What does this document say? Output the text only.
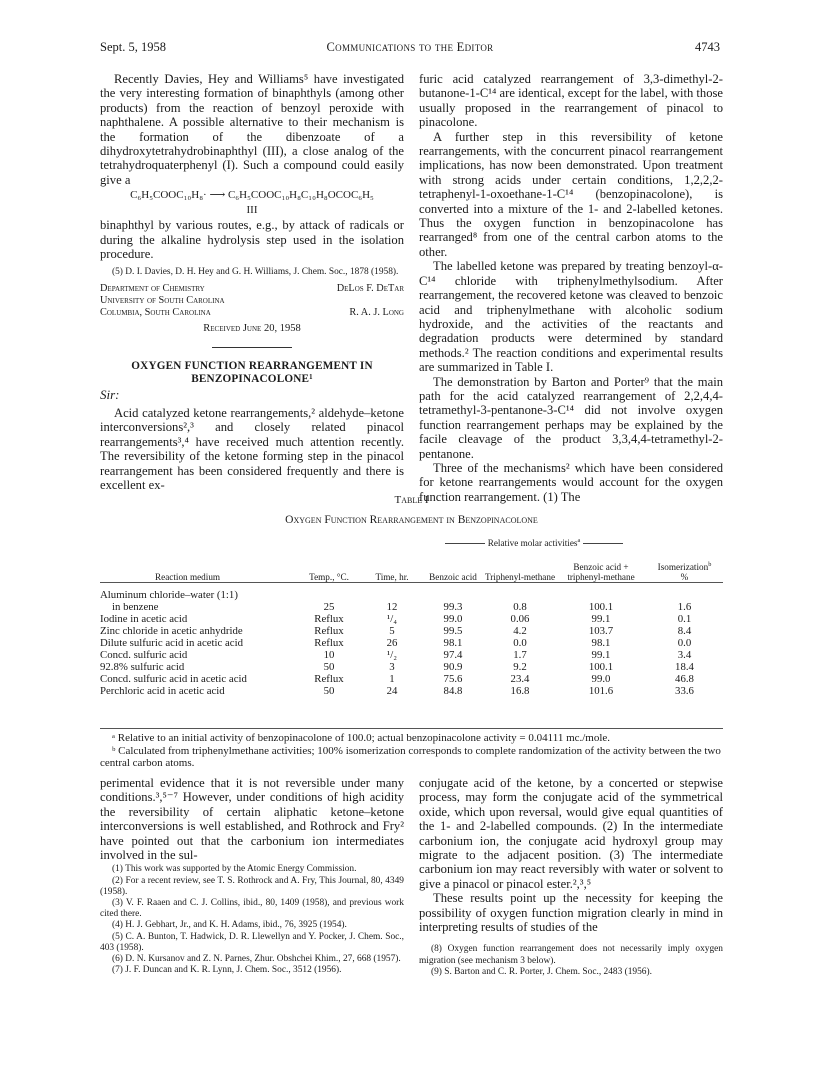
Sept. 5, 1958	Communications to the Editor	4743

Recently Davies, Hey and Williams⁵ have investigated the very interesting formation of binaphthyls (among other products) from the reaction of benzoyl peroxide with naphthalene. A possible alternative to their mechanism is the formation of the dibenzoate of a dihydroxytetrahydrobinaphthyl (III), a close analog of the tetrahydroquaterphenyl (I). Such a compound could easily give a

C₆H₅COOC₁₀H₈· ⟶ C₆H₅COOC₁₀H₈C₁₀H₈OCOC₆H₅
III

binaphthyl by various routes, e.g., by attack of radicals or during the alkaline hydrolysis step used in the isolation procedure.

(5) D. I. Davies, D. H. Hey and G. H. Williams, J. Chem. Soc., 1878 (1958).

Department of Chemistry
University of South Carolina
Columbia, South Carolina
DeLos F. DeTar
R. A. J. Long
Received June 20, 1958
OXYGEN FUNCTION REARRANGEMENT IN
BENZOPINACOLONE¹
Sir:

Acid catalyzed ketone rearrangements,² aldehyde–ketone interconversions²,³ and closely related pinacol rearrangements³,⁴ have received much attention recently. The reversibility of the ketone forming step in the pinacol rearrangement has been considered frequently and there is excellent ex-

furic acid catalyzed rearrangement of 3,3-dimethyl-2-butanone-1-C¹⁴ are identical, except for the label, with those usually proposed in the rearrangement of pinacol to pinacolone.

A further step in this reversibility of ketone rearrangements, with the concurrent pinacol rearrangement implications, has now been demonstrated. Upon treatment with strong acids under certain conditions, 1,2,2,2-tetraphenyl-1-oxoethane-1-C¹⁴ (benzopinacolone), is converted into a mixture of the 1- and 2-labelled ketones. Thus the oxygen function in benzopinacolone has rearranged⁸ from one of the central carbon atoms to the other.

The labelled ketone was prepared by treating benzoyl-α-C¹⁴ chloride with triphenylmethylsodium. After rearrangement, the recovered ketone was cleaved to benzoic acid and triphenylmethane with alcoholic sodium hydroxide, and the activities of the reactants and degradation products were determined by standard methods.² The reaction conditions and experimental results are summarized in Table I.

The demonstration by Barton and Porter⁹ that the main path for the acid catalyzed rearrangement of 2,2,4,4-tetramethyl-3-pentanone-3-C¹⁴ did not involve oxygen function rearrangement perhaps may be explained by the facile cleavage of the product 3,3,4,4-tetramethyl-2-pentanone.

Three of the mechanisms² which have been considered for ketone rearrangements would account for the oxygen function rearrangement. (1) The

Table I
Oxygen Function Rearrangement in Benzopinacolone
			Relative molar activities$^a$	
Reaction medium	Temp., °C.	Time, hr.	Benzoic acid	Triphenyl-methane	Benzoic acid + triphenyl-methane	Isomerization$^b$
%

Aluminum chloride–water (1:1)						
in benzene	25	12	99.3	0.8	100.1	1.6
Iodine in acetic acid	Reflux	¹/₄	99.0	0.06	99.1	0.1
Zinc chloride in acetic anhydride	Reflux	5	99.5	4.2	103.7	8.4
Dilute sulfuric acid in acetic acid	Reflux	26	98.1	0.0	98.1	0.0
Concd. sulfuric acid	10	¹/₂	97.4	1.7	99.1	3.4
92.8% sulfuric acid	50	3	90.9	9.2	100.1	18.4
Concd. sulfuric acid in acetic acid	Reflux	1	75.6	23.4	99.0	46.8
Perchloric acid in acetic acid	50	24	84.8	16.8	101.6	33.6

ᵃ Relative to an initial activity of benzopinacolone of 100.0; actual benzopinacolone activity = 0.04111 mc./mole.

ᵇ Calculated from triphenylmethane activities; 100% isomerization corresponds to complete randomization of the activity between the two central carbon atoms.

perimental evidence that it is not reversible under many conditions.³,⁵⁻⁷ However, under conditions of high acidity the reversibility of certain aliphatic ketone–ketone interconversions is well established, and Rothrock and Fry² have pointed out that the carbonium ion intermediates involved in the sul-

(1) This work was supported by the Atomic Energy Commission.

(2) For a recent review, see T. S. Rothrock and A. Fry, This Journal, 80, 4349 (1958).

(3) V. F. Raaen and C. J. Collins, ibid., 80, 1409 (1958), and previous work cited there.

(4) H. J. Gebhart, Jr., and K. H. Adams, ibid., 76, 3925 (1954).

(5) C. A. Bunton, T. Hadwick, D. R. Llewellyn and Y. Pocker, J. Chem. Soc., 403 (1958).

(6) D. N. Kursanov and Z. N. Parnes, Zhur. Obshchei Khim., 27, 668 (1957).

(7) J. F. Duncan and K. R. Lynn, J. Chem. Soc., 3512 (1956).

conjugate acid of the ketone, by a concerted or stepwise process, may form the conjugate acid of the symmetrical oxide, which upon reversal, would give equal quantities of the 1- and 2-labelled compounds. (2) In the intermediate carbonium ion, the conjugate acid hydroxyl group may migrate to the adjacent position. (3) The intermediate carbonium ion may react reversibly with water or solvent to give a pinacol or pinacol ester.²,³,⁵

These results point up the necessity for keeping the possibility of oxygen function migration clearly in mind in interpreting results of studies of the

(8) Oxygen function rearrangement does not necessarily imply oxygen migration (see mechanism 3 below).

(9) S. Barton and C. R. Porter, J. Chem. Soc., 2483 (1956).
